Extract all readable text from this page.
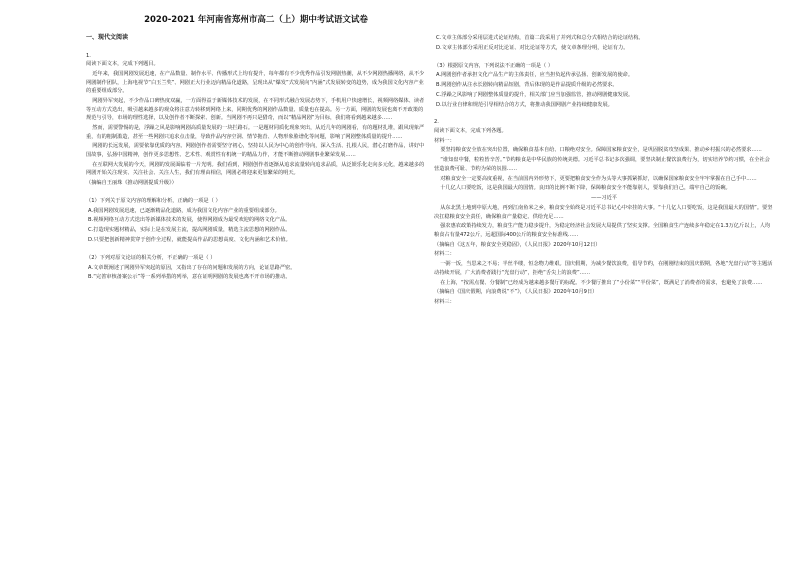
2020-2021 年河南省郑州市高二（上）期中考试语文试卷
一、现代文阅读
1.

阅读下面文本，完成下列题目。

近年来，我国网剧发展迅速，在产品数量、制作水平、传播形式上均有提升，每年都有不少优秀作品引发网剧热潮，从不少网剧热播网络，从不少网剧制作团队，上海电视节“白玉兰奖”、网剧正大行业迈向精品化道路，呈现出从“爆发”式发展向“内涵”式发展转变的趋势，成为我国文化内容产业的重要组成部分。

网剧异军突起，不少作品口碑热度双赢，一方面得益于新媒体技术的发展，在不同形式融合发展态势下，手机用户快速增长，视频网络媒体、读者等互动方式迭出，吸引越来越多的观众将注意力转移到网络上来，同期优秀的网剧作品数量、质量也在提高。另一方面，网剧的发展也离不开政策的规范与引导，市场的理性选择，以及创作者不断探索、创新。当网剧不再只是猎奇，而以“精品网剧”为目标，我们将看到越来越多……

然而，需要警惕的是，浮躁之风是影响网剧高质量发展的一块拦路石。一是题材同质化现象突出，从近几年的网剧看，有的题材扎堆，跟风现象严重，有的粗制滥造，甚至一些网剧只追求点击量，导致作品内容空洞、情节拖沓、人物形象脸谱化等问题，影响了网剧整体质量的提升……

网剧的长远发展，需要依靠优质的内容。网剧创作者需要坚守初心，坚持以人民为中心的创作导向，深入生活、扎根人民，潜心打磨作品，讲好中国故事，弘扬中国精神，创作更多思想性、艺术性、观赏性有机统一的精品力作，才能不断推动网剧事业繁荣发展……

在互联网大发展的今天，网剧的发展面临着一片光明。我们看到，网剧创作者逐渐从追求流量转向追求品质，从泛娱乐化走向多元化，越来越多的网剧开始关注现实、关注社会、关注人生，我们有理由相信，网剧必将迎来更加繁荣的明天。

（摘编自王丽珠《推动网剧提质升级》）

（1）下列关于原文内容的理解和分析，正确的一项是（ ）

A.我国网剧发展迅速，已逐渐精品化道路，成为我国文化内容产业的重要组成部分。

B.视频网络互动方式迭出等新媒体技术的发展，使得网剧成为最受欢迎的网络文化产品。

C.打造现实题材精品，实际上是在发展主流，提高网剧质量，精选主流思想的网剧作品。

D.只要把创新精神贯穿于创作全过程，就能提高作品的思想高度、文化内涵和艺术价值。

（2）下列对原文论证的相关分析，不正确的一项是（ ）

A.文章既阐述了网剧异军突起的原因，又指出了存在的问题和发展的方向，论证思路严密。

B.“完善审核备案公示”等一系列举措的列举，意在证明网剧的发展也离不开市场的推动。

C.文章主体部分采用层进式论证结构，首篇二段采用了并列式和总分式相结合的论证结构。

D.文章主体部分采用正反对比论证、对比论证等方式，使文章条理分明，论证有力。

（3）根据原文内容，下列说法不正确的一项是（ ）

A.网剧创作者承担文化产品生产的主体责任，应当担负起传承弘扬、创新发展的使命。

B.网剧创作从注水长剧转向精品短剧，背后体现的是作品提质升级的必然要求。

C.浮躁之风影响了网剧整体质量的提升，相关部门应当加强监管，推动网剧健康发展。

D.以行业自律和规范引导相结合的方式，将推动我国网剧产业持续健康发展。

2.

阅读下面文本，完成下列各题。

材料一：

要坚持粮食安全放在突出位置，确保粮食基本自给、口粮绝对安全。保障国家粮食安全，是巩固脱贫攻坚成果、推动乡村振兴的必然要求……

“谁知盘中餐，粒粒皆辛苦。”节约粮食是中华民族的传统美德。习近平总书记多次强调，要坚决制止餐饮浪费行为，切实培养节约习惯，在全社会营造浪费可耻、节约为荣的氛围……

对粮食安全一定要高度重视，在当前国内外形势下，更要把粮食安全作为头等大事抓紧抓好，以确保国家粮食安全牢牢掌握在自己手中……

十几亿人口要吃饭，这是我国最大的国情。良田的比例不断下降，保障粮食安全不能靠别人，要靠我们自己，端牢自己的饭碗。

——习近平

从东北黑土地到中原大地，再到江南鱼米之乡，粮食安全始终是习近平总书记心中牵挂的大事。“十几亿人口要吃饭，这是我国最大的国情”。要坚决扛稳粮食安全责任，确保粮食产量稳定、供给充足……

强农惠农政策持续发力，粮食生产能力稳步提升，为稳定经济社会发展大局提供了坚实支撑。全国粮食生产连续多年稳定在1.3万亿斤以上，人均粮食占有量472公斤，远超国际400公斤的粮食安全标准线……

（摘编自《这五年，粮食安全更稳固》，《人民日报》2020年10月12日）

材料二：

一粥一饭，当思来之不易；半丝半缕，恒念物力维艰。国庆假期，为减少餐饮浪费，倡导节约，在刚刚结束的国庆假期，各地“光盘行动”等主题活动持续开展，广大消费者践行“光盘行动”，拒绝“舌尖上的浪费”……

在上海，“按需点餐、分餐制”已经成为越来越多餐厅的标配。不少餐厅推出了“小份菜”“半份菜”，既满足了消费者的需求，也避免了浪费……

（摘编自《国庆假期，向浪费说“不”》，《人民日报》2020年10月9日）

材料三：
